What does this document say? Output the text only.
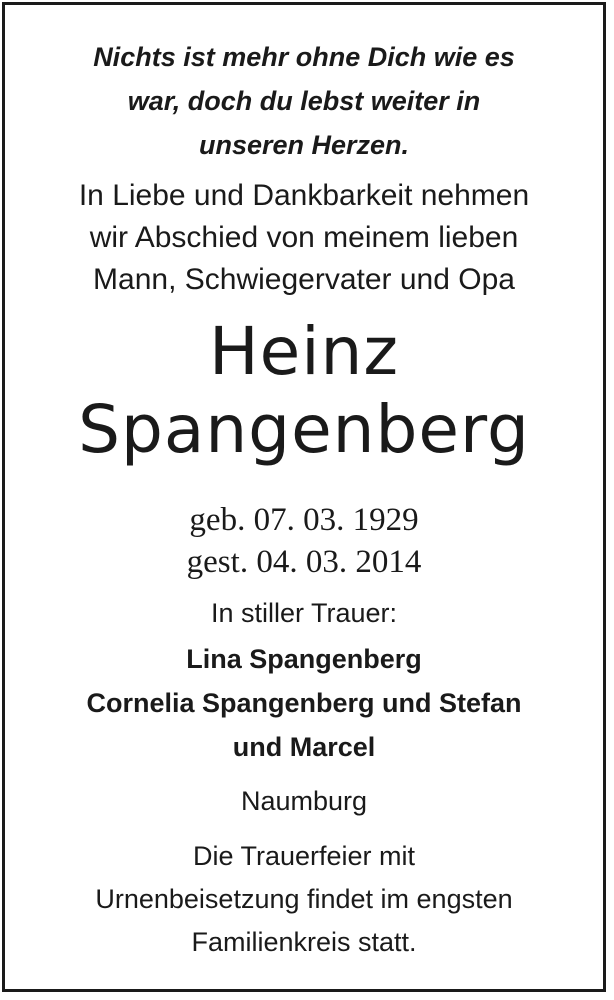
Nichts ist mehr ohne Dich wie es
war, doch du lebst weiter in
unseren Herzen.
In Liebe und Dankbarkeit nehmen
wir Abschied von meinem lieben
Mann, Schwiegervater und Opa
Heinz
Spangenberg
geb. 07. 03. 1929
gest. 04. 03. 2014
In stiller Trauer:
Lina Spangenberg
Cornelia Spangenberg und Stefan
und Marcel
Naumburg
Die Trauerfeier mit
Urnenbeisetzung findet im engsten
Familienkreis statt.
